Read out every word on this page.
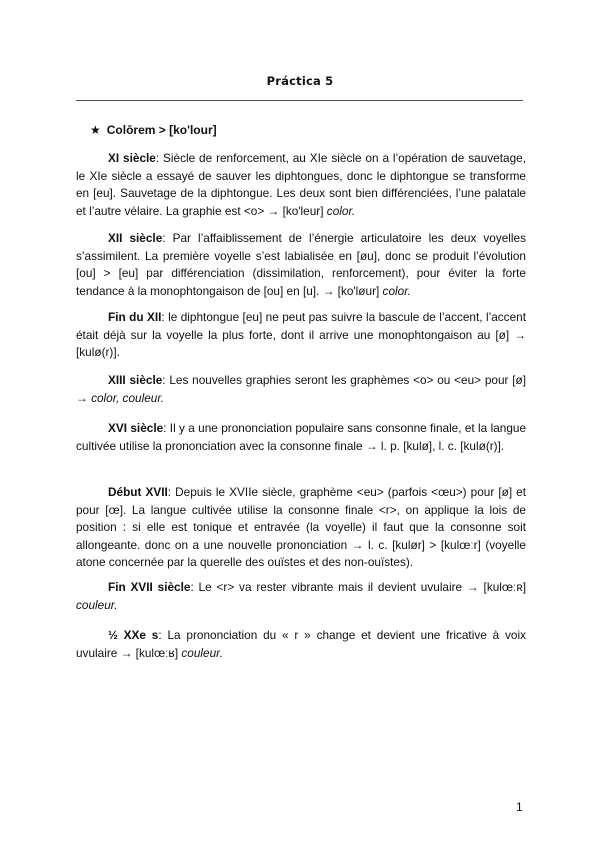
Práctica 5
★ Colōrem > [ko'lour]

XI siècle: Siècle de renforcement, au XIe siècle on a l’opération de sauvetage, le XIe siècle a essayé de sauver les diphtongues, donc le diphtongue se transforme en [eu]. Sauvetage de la diphtongue. Les deux sont bien différenciées, l’une palatale et l’autre vélaire. La graphie est <o> → [ko'leur] color.

XII siècle: Par l’affaiblissement de l’énergie articulatoire les deux voyelles s’assimilent. La première voyelle s’est labialisée en [øu], donc se produit l’évolution [ou] > [eu] par différenciation (dissimilation, renforcement), pour éviter la forte tendance à la monophtongaison de [ou] en [u]. → [ko'løur] color.

Fin du XII: le diphtongue [eu] ne peut pas suivre la bascule de l’accent, l’accent était déjà sur la voyelle la plus forte, dont il arrive une monophtongaison au [ø] → [kulø(r)].

XIII siècle: Les nouvelles graphies seront les graphèmes <o> ou <eu> pour [ø] → color, couleur.

XVI siècle: Il y a une prononciation populaire sans consonne finale, et la langue cultivée utilise la prononciation avec la consonne finale → l. p. [kulø], l. c. [kulø(r)].

Début XVII: Depuis le XVIIe siècle, graphème <eu> (parfois <œu>) pour [ø] et pour [œ]. La langue cultivée utilise la consonne finale <r>, on applique la lois de position : si elle est tonique et entravée (la voyelle) il faut que la consonne soit allongeante. donc on a une nouvelle prononciation → l. c. [kulør] > [kulœːr] (voyelle atone concernée par la querelle des ouïstes et des non-ouïstes).

Fin XVII siècle: Le <r> va rester vibrante mais il devient uvulaire → [kulœːʀ] couleur.

½ XXe s: La prononciation du « r » change et devient une fricative à voix uvulaire → [kulœːʁ] couleur.

1
